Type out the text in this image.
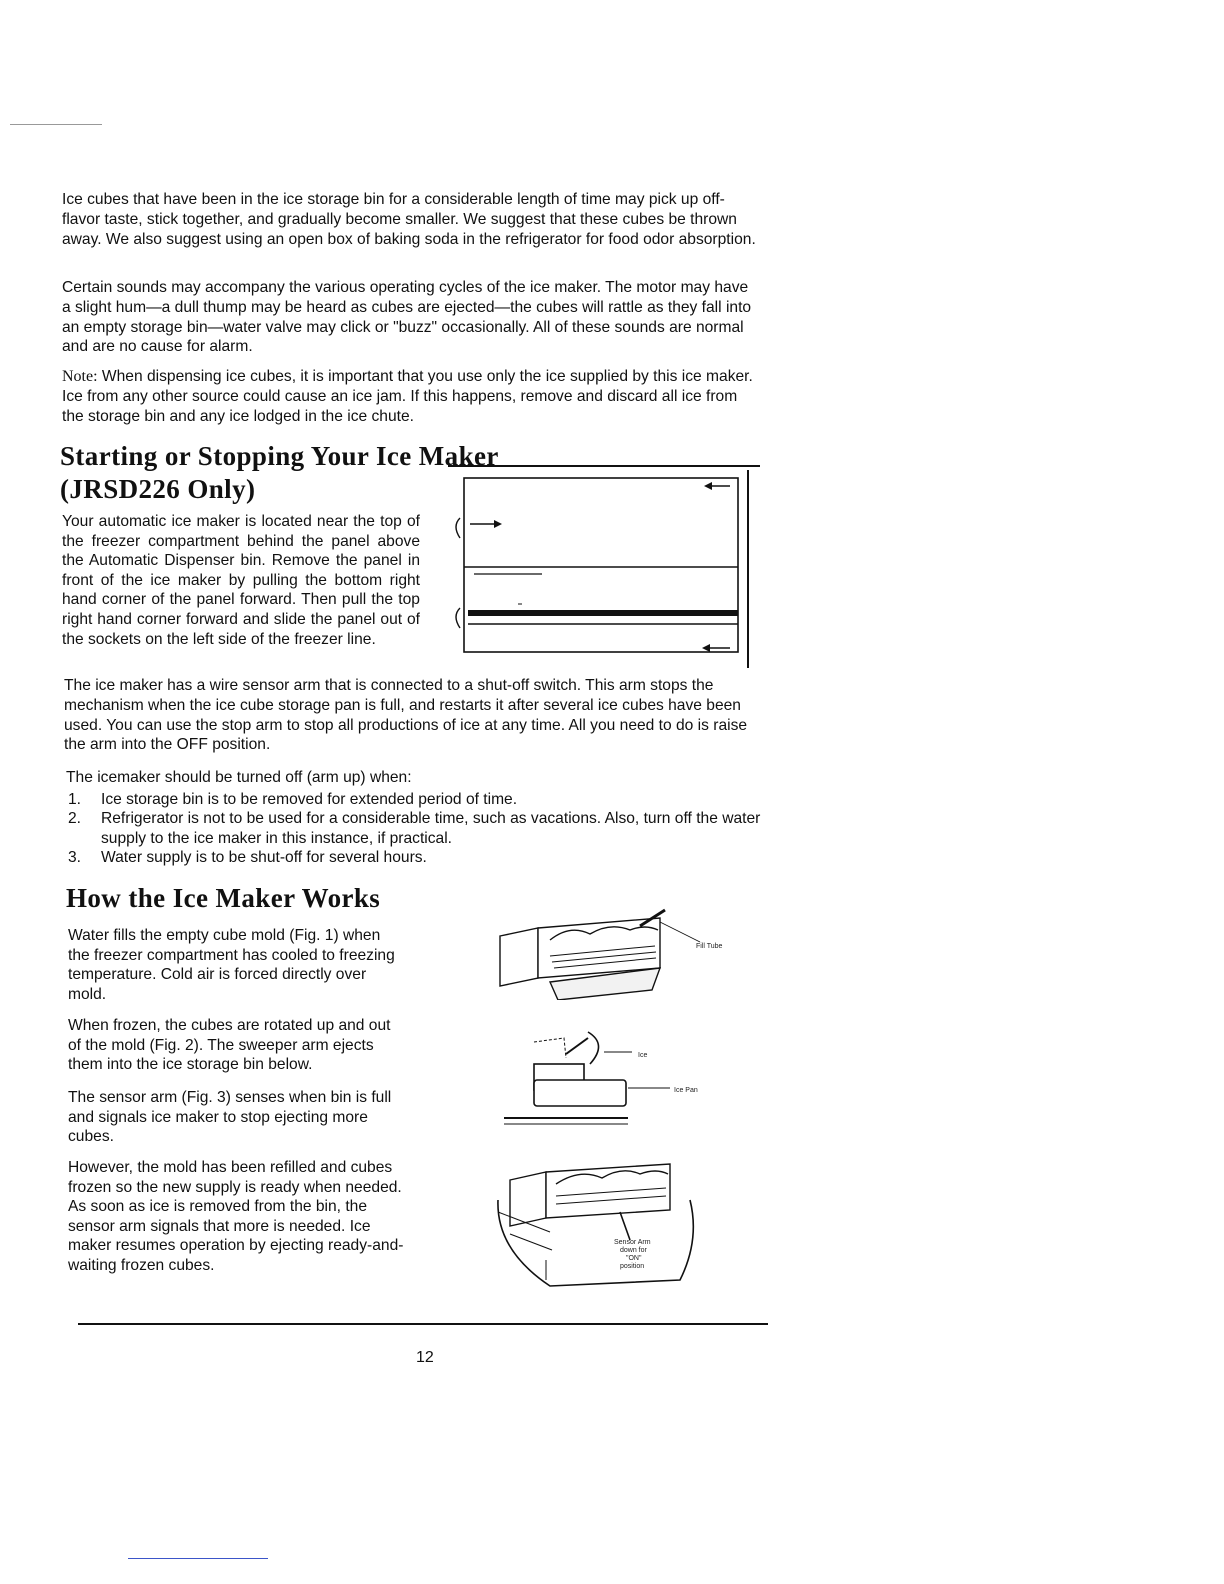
Ice cubes that have been in the ice storage bin for a considerable length of time may pick up off-flavor taste, stick together, and gradually become smaller. We suggest that these cubes be thrown away. We also suggest using an open box of baking soda in the refrigerator for food odor absorption.

Certain sounds may accompany the various operating cycles of the ice maker. The motor may have a slight hum—a dull thump may be heard as cubes are ejected—the cubes will rattle as they fall into an empty storage bin—water valve may click or "buzz" occasionally. All of these sounds are normal and are no cause for alarm.

Note: When dispensing ice cubes, it is important that you use only the ice supplied by this ice maker. Ice from any other source could cause an ice jam. If this happens, remove and discard all ice from the storage bin and any ice lodged in the ice chute.

Starting or Stopping Your Ice Maker
(JRSD226 Only)

Your automatic ice maker is located near the top of the freezer compartment behind the panel above the Automatic Dispenser bin. Remove the panel in front of the ice maker by pulling the bottom right hand corner of the panel forward. Then pull the top right hand corner forward and slide the panel out of the sockets on the left side of the freezer line.

The ice maker has a wire sensor arm that is connected to a shut-off switch. This arm stops the mechanism when the ice cube storage pan is full, and restarts it after several ice cubes have been used. You can use the stop arm to stop all productions of ice at any time. All you need to do is raise the arm into the OFF position.

The icemaker should be turned off (arm up) when:

1. Ice storage bin is to be removed for extended period of time.
2. Refrigerator is not to be used for a considerable time, such as vacations. Also, turn off the water supply to the ice maker in this instance, if practical.
3. Water supply is to be shut-off for several hours.
How the Ice Maker Works

Water fills the empty cube mold (Fig. 1) when the freezer compartment has cooled to freezing temperature. Cold air is forced directly over mold.

When frozen, the cubes are rotated up and out of the mold (Fig. 2). The sweeper arm ejects them into the ice storage bin below.

The sensor arm (Fig. 3) senses when bin is full and signals ice maker to stop ejecting more cubes.

However, the mold has been refilled and cubes frozen so the new supply is ready when needed. As soon as ice is removed from the bin, the sensor arm signals that more is needed. Ice maker resumes operation by ejecting ready-and-waiting frozen cubes.

Fill Tube
Ice
Ice Pan
Sensor Arm
down for
"ON"
position
12
